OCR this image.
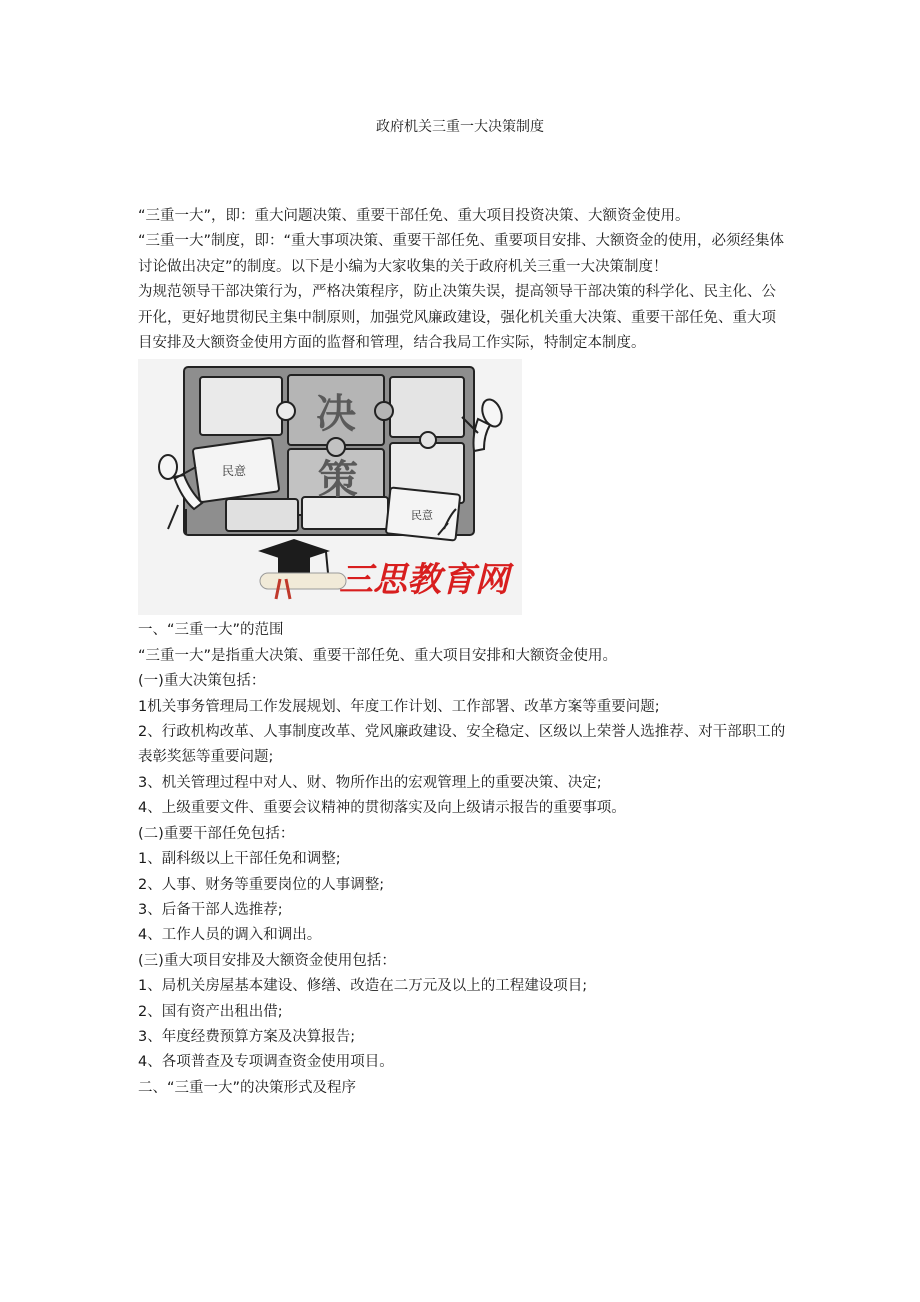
政府机关三重一大决策制度

“三重一大”，即：重大问题决策、重要干部任免、重大项目投资决策、大额资金使用。

“三重一大”制度，即：“重大事项决策、重要干部任免、重要项目安排、大额资金的使用，必须经集体讨论做出决定”的制度。以下是小编为大家收集的关于政府机关三重一大决策制度！

为规范领导干部决策行为，严格决策程序，防止决策失误，提高领导干部决策的科学化、民主化、公开化，更好地贯彻民主集中制原则，加强党风廉政建设，强化机关重大决策、重要干部任免、重大项目安排及大额资金使用方面的监督和管理，结合我局工作实际，特制定本制度。

民意
民意
决
策
三思教育网

一、“三重一大”的范围

“三重一大”是指重大决策、重要干部任免、重大项目安排和大额资金使用。

(一)重大决策包括：

1机关事务管理局工作发展规划、年度工作计划、工作部署、改革方案等重要问题;

2、行政机构改革、人事制度改革、党风廉政建设、安全稳定、区级以上荣誉人选推荐、对干部职工的表彰奖惩等重要问题;

3、机关管理过程中对人、财、物所作出的宏观管理上的重要决策、决定;

4、上级重要文件、重要会议精神的贯彻落实及向上级请示报告的重要事项。

(二)重要干部任免包括：

1、副科级以上干部任免和调整;

2、人事、财务等重要岗位的人事调整;

3、后备干部人选推荐;

4、工作人员的调入和调出。

(三)重大项目安排及大额资金使用包括：

1、局机关房屋基本建设、修缮、改造在二万元及以上的工程建设项目;

2、国有资产出租出借;

3、年度经费预算方案及决算报告;

4、各项普查及专项调查资金使用项目。

二、“三重一大”的决策形式及程序
